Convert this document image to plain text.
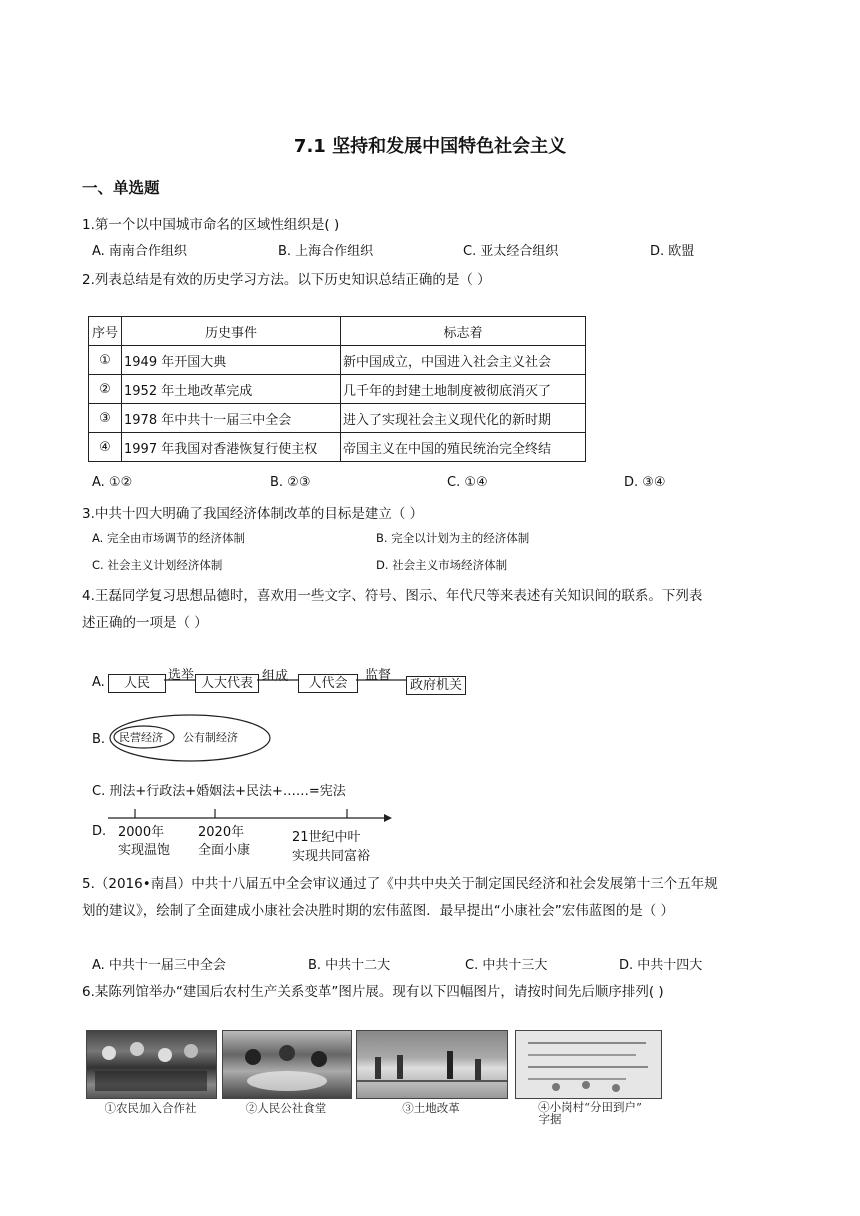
7.1 坚持和发展中国特色社会主义
一、单选题
1.第一个以中国城市命名的区域性组织是( )
A. 南南合作组织	B. 上海合作组织	C. 亚太经合组织	D. 欧盟
2.列表总结是有效的历史学习方法。以下历史知识总结正确的是（ ）
序号	历史事件	标志着
①	1949 年开国大典	新中国成立，中国进入社会主义社会
②	1952 年土地改革完成	几千年的封建土地制度被彻底消灭了
③	1978 年中共十一届三中全会	进入了实现社会主义现代化的新时期
④	1997 年我国对香港恢复行使主权	帝国主义在中国的殖民统治完全终结
A. ①②	B. ②③	C. ①④	D. ③④
3.中共十四大明确了我国经济体制改革的目标是建立（ ）
A. 完全由市场调节的经济体制	B. 完全以计划为主的经济体制
C. 社会主义计划经济体制	D. 社会主义市场经济体制
4.王磊同学复习思想品德时，喜欢用一些文字、符号、图示、年代尺等来表述有关知识间的联系。下列表
述正确的一项是（ ）
A.	人民	人大代表	人代会	政府机关
选举	组成	监督
B. 民营经济 公有制经济
C. 刑法+行政法+婚姻法+民法+……=宪法
D. 2000年
实现温饱
2020年
全面小康
21世纪中叶
实现共同富裕
5.（2016•南昌）中共十八届五中全会审议通过了《中共中央关于制定国民经济和社会发展第十三个五年规
划的建议》，绘制了全面建成小康社会决胜时期的宏伟蓝图．最早提出“小康社会”宏伟蓝图的是（ ）
A. 中共十一届三中全会	B. 中共十二大	C. 中共十三大	D. 中共十四大
6.某陈列馆举办“建国后农村生产关系变革”图片展。现有以下四幅图片，请按时间先后顺序排列( )
①农民加入合作社	②人民公社食堂	③土地改革	④小岗村“分田到户”
字据
